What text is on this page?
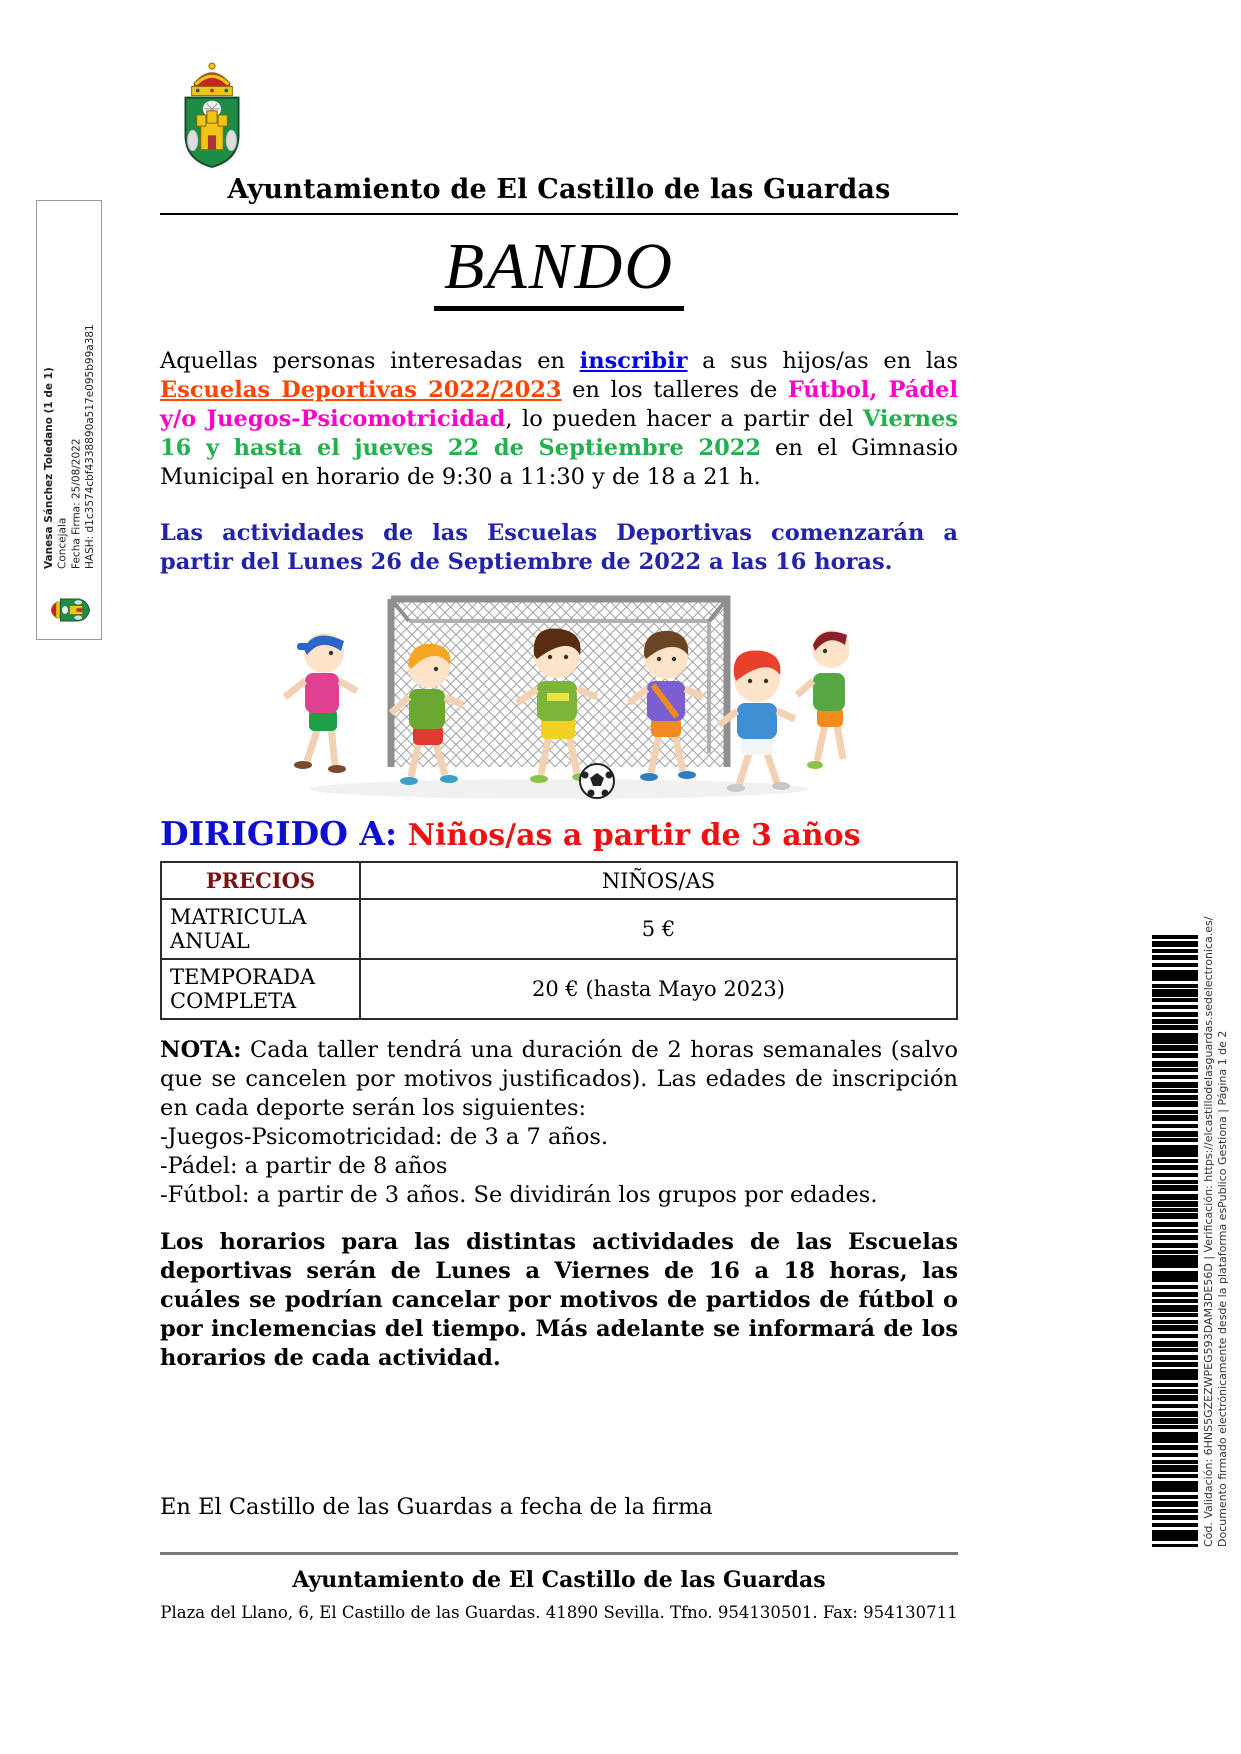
Vanesa Sánchez Toledano (1 de 1) Concejala Fecha Firma: 25/08/2022 HASH: d1c3574cbf4338890a517e095b99a381
Cód. Validación: 6HNS5GZEZWPEG593DAM3DE56D | Verificación: https://elcastillodelasguardas.sedelectronica.es/ Documento firmado electrónicamente desde la plataforma esPublico Gestiona | Página 1 de 2
Ayuntamiento de El Castillo de las Guardas
BANDO

Aquellas personas interesadas en inscribir a sus hijos/as en las Escuelas Deportivas 2022/2023 en los talleres de Fútbol, Pádel y/o Juegos-Psicomotricidad, lo pueden hacer a partir del Viernes 16 y hasta el jueves 22 de Septiembre 2022 en el Gimnasio Municipal en horario de 9:30 a 11:30 y de 18 a 21 h.

Las actividades de las Escuelas Deportivas comenzarán a partir del Lunes 26 de Septiembre de 2022 a las 16 horas.

DIRIGIDO A: Niños/as a partir de 3 años
PRECIOS	NIÑOS/AS
MATRICULA ANUAL	5 €
TEMPORADA COMPLETA	20 € (hasta Mayo 2023)

NOTA: Cada taller tendrá una duración de 2 horas semanales (salvo que se cancelen por motivos justificados). Las edades de inscripción en cada deporte serán los siguientes:

-Juegos-Psicomotricidad: de 3 a 7 años.
-Pádel: a partir de 8 años
-Fútbol: a partir de 3 años. Se dividirán los grupos por edades.

Los horarios para las distintas actividades de las Escuelas deportivas serán de Lunes a Viernes de 16 a 18 horas, las cuáles se podrían cancelar por motivos de partidos de fútbol o por inclemencias del tiempo. Más adelante se informará de los horarios de cada actividad.

En El Castillo de las Guardas a fecha de la firma

Ayuntamiento de El Castillo de las Guardas

Plaza del Llano, 6, El Castillo de las Guardas. 41890 Sevilla. Tfno. 954130501. Fax: 954130711
